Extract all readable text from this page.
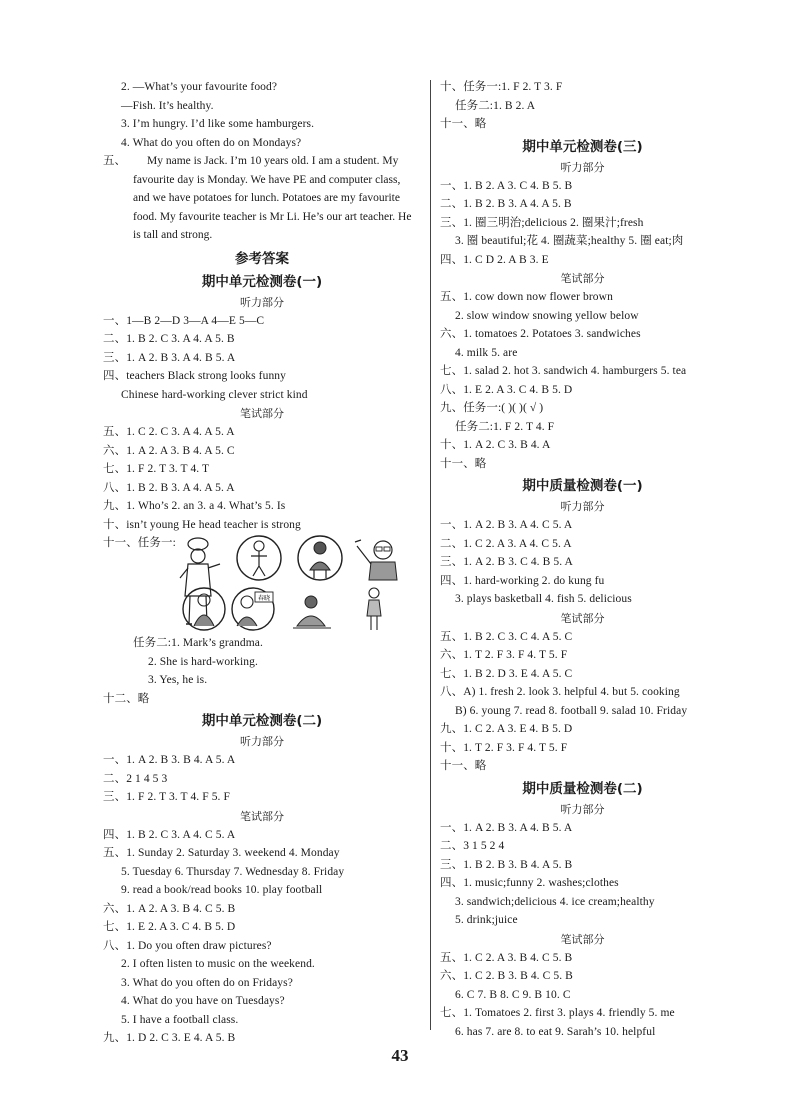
2. —What’s your favourite food?
—Fish. It’s healthy.
3. I’m hungry. I’d like some hamburgers.
4. What do you often do on Mondays?
五、	My name is Jack. I’m 10 years old. I am a student. My
favourite day is Monday. We have PE and computer class,
and we have potatoes for lunch. Potatoes are my favourite
food. My favourite teacher is Mr Li. He’s our art teacher. He
is tall and strong.
参考答案
期中单元检测卷(一)
听力部分
一、1—B 2—D 3—A 4—E 5—C
二、1. B 2. C 3. A 4. A 5. B
三、1. A 2. B 3. A 4. B 5. A
四、teachers Black strong looks funny
Chinese hard-working clever strict kind
笔试部分
五、1. C 2. C 3. A 4. A 5. A
六、1. A 2. A 3. B 4. A 5. C
七、1. F 2. T 3. T 4. T
八、1. B 2. B 3. A 4. A 5. A
九、1. Who’s 2. an 3. a 4. What’s 5. Is
十、isn’t young He head teacher is strong
十一、任务一:
春晓
任务二:1. Mark’s grandma.
2. She is hard-working.
3. Yes, he is.
十二、略
期中单元检测卷(二)
听力部分
一、1. A 2. B 3. B 4. A 5. A
二、2 1 4 5 3
三、1. F 2. T 3. T 4. F 5. F
笔试部分
四、1. B 2. C 3. A 4. C 5. A
五、1. Sunday 2. Saturday 3. weekend 4. Monday
5. Tuesday 6. Thursday 7. Wednesday 8. Friday
9. read a book/read books 10. play football
六、1. A 2. A 3. B 4. C 5. B
七、1. E 2. A 3. C 4. B 5. D
八、1. Do you often draw pictures?
2. I often listen to music on the weekend.
3. What do you often do on Fridays?
4. What do you have on Tuesdays?
5. I have a football class.
九、1. D 2. C 3. E 4. A 5. B
十、任务一:1. F 2. T 3. F
任务二:1. B 2. A
十一、略
期中单元检测卷(三)
听力部分
一、1. B 2. A 3. C 4. B 5. B
二、1. B 2. B 3. A 4. A 5. B
三、1. 圈三明治;delicious 2. 圈果汁;fresh
3. 圈 beautiful;花 4. 圈蔬菜;healthy 5. 圈 eat;肉
四、1. C D 2. A B 3. E
笔试部分
五、1. cow down now flower brown
2. slow window snowing yellow below
六、1. tomatoes 2. Potatoes 3. sandwiches
4. milk 5. are
七、1. salad 2. hot 3. sandwich 4. hamburgers 5. tea
八、1. E 2. A 3. C 4. B 5. D
九、任务一:( )( )( √ )
任务二:1. F 2. T 4. F
十、1. A 2. C 3. B 4. A
十一、略
期中质量检测卷(一)
听力部分
一、1. A 2. B 3. A 4. C 5. A
二、1. C 2. A 3. A 4. C 5. A
三、1. A 2. B 3. C 4. B 5. A
四、1. hard-working 2. do kung fu
3. plays basketball 4. fish 5. delicious
笔试部分
五、1. B 2. C 3. C 4. A 5. C
六、1. T 2. F 3. F 4. T 5. F
七、1. B 2. D 3. E 4. A 5. C
八、A) 1. fresh 2. look 3. helpful 4. but 5. cooking
B) 6. young 7. read 8. football 9. salad 10. Friday
九、1. C 2. A 3. E 4. B 5. D
十、1. T 2. F 3. F 4. T 5. F
十一、略
期中质量检测卷(二)
听力部分
一、1. A 2. B 3. A 4. B 5. A
二、3 1 5 2 4
三、1. B 2. B 3. B 4. A 5. B
四、1. music;funny 2. washes;clothes
3. sandwich;delicious 4. ice cream;healthy
5. drink;juice
笔试部分
五、1. C 2. A 3. B 4. C 5. B
六、1. C 2. B 3. B 4. C 5. B
6. C 7. B 8. C 9. B 10. C
七、1. Tomatoes 2. first 3. plays 4. friendly 5. me
6. has 7. are 8. to eat 9. Sarah’s 10. helpful
43
